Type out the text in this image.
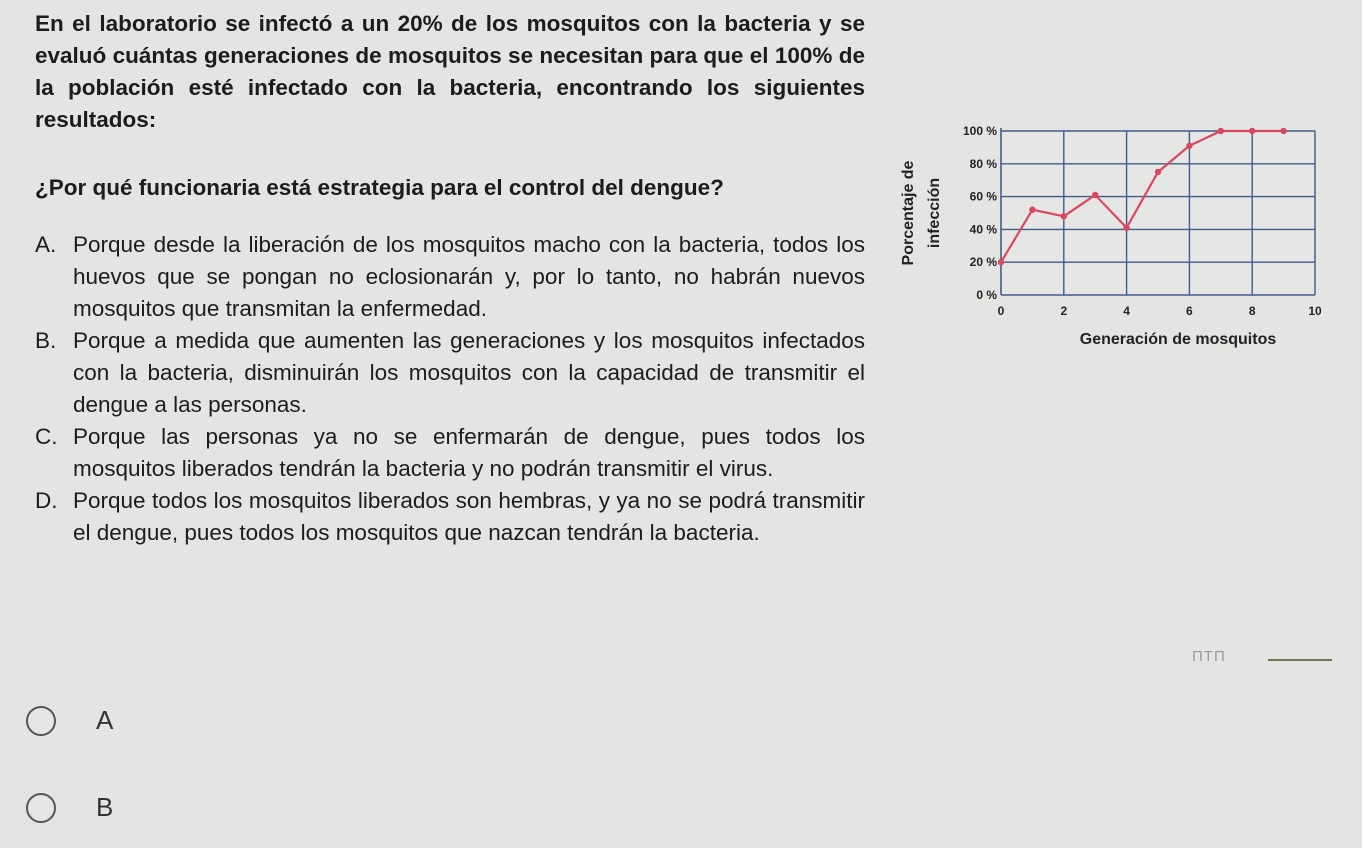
En el laboratorio se infectó a un 20% de los mosquitos con la bacteria y se evaluó cuántas generaciones de mosquitos se necesitan para que el 100% de la población esté infectado con la bacteria, encontrando los siguientes resultados:
¿Por qué funcionaria está estrategia para el control del dengue?
A. Porque desde la liberación de los mosquitos macho con la bacteria, todos los huevos que se pongan no eclosionarán y, por lo tanto, no habrán nuevos mosquitos que transmitan la enfermedad.
B. Porque a medida que aumenten las generaciones y los mosquitos infectados con la bacteria, disminuirán los mosquitos con la capacidad de transmitir el dengue a las personas.
C. Porque las personas ya no se enfermarán de dengue, pues todos los mosquitos liberados tendrán la bacteria y no podrán transmitir el virus.
D. Porque todos los mosquitos liberados son hembras, y ya no se podrá transmitir el dengue, pues todos los mosquitos que nazcan tendrán la bacteria.
0 %
20 %
40 %
60 %
80 %
100 %
0	2	4	6	8	10
Generación de mosquitos
Porcentaje de infección
ПТП
A
B
